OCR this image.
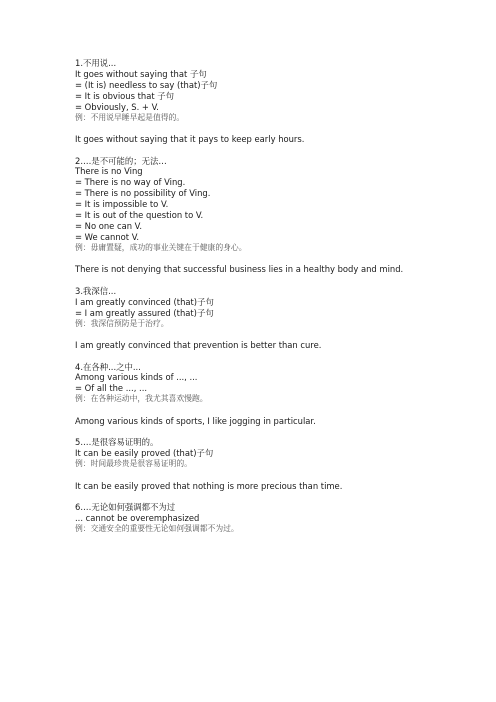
1.不用说...
It goes without saying that 子句
= (It is) needless to say (that)子句
= It is obvious that 子句
= Obviously, S. + V.
例：不用说早睡早起是值得的。
It goes without saying that it pays to keep early hours.
2.…是不可能的；无法…
There is no Ving
= There is no way of Ving.
= There is no possibility of Ving.
= It is impossible to V.
= It is out of the question to V.
= No one can V.
= We cannot V.
例：毋庸置疑，成功的事业关键在于健康的身心。
There is not denying that successful business lies in a healthy body and mind.
3.我深信...
I am greatly convinced (that)子句
= I am greatly assured (that)子句
例：我深信预防是于治疗。
I am greatly convinced that prevention is better than cure.
4.在各种...之中...
Among various kinds of ..., ...
= Of all the ..., ...
例：在各种运动中，我尤其喜欢慢跑。
Among various kinds of sports, I like jogging in particular.
5.…是很容易证明的。
It can be easily proved (that)子句
例：时间最珍贵是很容易证明的。
It can be easily proved that nothing is more precious than time.
6.…无论如何强调都不为过
... cannot be overemphasized
例：交通安全的重要性无论如何强调都不为过。
